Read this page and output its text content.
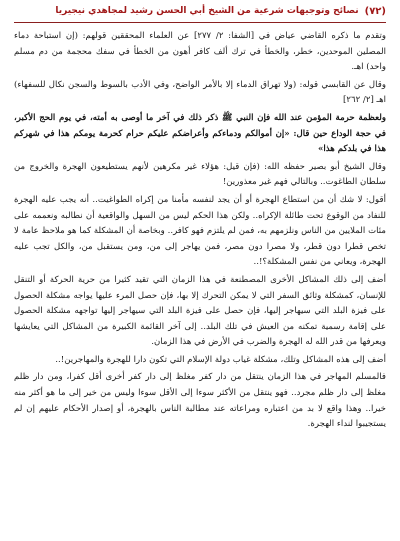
(٧٢)
نصائح وتوجيهات شرعية من الشيخ أبي الحسن رشيد لمجاهدي نيجيريا

وتقدم ما ذكره القاضي عياض في [الشفا: ٢/ ٢٧٧] عن العلماء المحققين قولهم: (إن استباحة دماء المصلين الموحدين، خطر، والخطأ في ترك ألف كافر أهون من الخطأ في سفك محجمة من دم مسلم واحد) اهـ.

وقال عن القابسي قوله: (ولا تهراق الدماء إلا بالأمر الواضح، وفي الأدب بالسوط والسجن نكال للسفهاء) اهـ [٢/ ٢٦٢]

ولعظمة حرمة المؤمن عند الله فإن النبي ﷺ ذكر ذلك في آخر ما أوصى به أمته، في يوم الحج الأكبر، في حجة الوداع حين قال: «إن أموالكم ودماءكم وأعراضكم عليكم حرام كحرمة يومكم هذا في شهركم هذا في بلدكم هذا»

وقال الشيخ أبو بصير حفظه الله: (فإن قيل: هؤلاء غير مكرهين لأنهم يستطيعون الهجرة والخروج من سلطان الطاغوت.. وبالتالي فهم غير معذورين!

أقول: لا شك أن من استطاع الهجرة أو أن يجد لنفسه مأمنا من إكراه الطواغيت.. أنه يجب عليه الهجرة للنفاد من الوقوع تحت طائلة الإكراه.. ولكن هذا الحكم ليس من السهل والواقعية أن نطالبه ونعممه على مئات الملايين من الناس ونلزمهم به، فمن لم يلتزم فهو كافر.. وبخاصة أن المشكلة كما هو ملاحظ عامة لا تخص قطرا دون قطر، ولا مصرا دون مصر، فمن يهاجر إلى من، ومن يستقبل من، والكل تجب عليه الهجرة، ويعاني من نفس المشكلة؟!..

أضف إلى ذلك المشاكل الأخرى المصطنعة في هذا الزمان التي تقيد كثيرا من حرية الحركة أو التنقل للإنسان، كمشكلة وثائق السفر التي لا يمكن التحرك إلا بها، فإن حصل المرء عليها يواجه مشكلة الحصول على فيزة البلد التي سيهاجر إليها، فإن حصل على فيزة البلد التي سيهاجر إليها تواجهه مشكلة الحصول على إقامة رسمية تمكنه من العيش في تلك البلد.. إلى آخر القائمة الكبيرة من المشاكل التي يعايشها ويعرفها من قدر الله له الهجرة والضرب في الأرض في هذا الزمان.

أضف إلى هذه المشاكل وتلك، مشكلة غياب دولة الإسلام التي تكون دارا للهجرة والمهاجرين!..

فالمسلم المهاجر في هذا الزمان ينتقل من دار كفر مغلظ إلى دار كفر أخرى أقل كفرا، ومن دار ظلم مغلظ إلى دار ظلم مجرد.. فهو ينتقل من الأكثر سوءا إلى الأقل سوءا وليس من خير إلى ما هو أكثر منه خيرا.. وهذا واقع لا بد من اعتباره ومراعاته عند مطالبة الناس بالهجرة، أو إصدار الأحكام عليهم إن لم يستجيبوا لنداء الهجرة.
